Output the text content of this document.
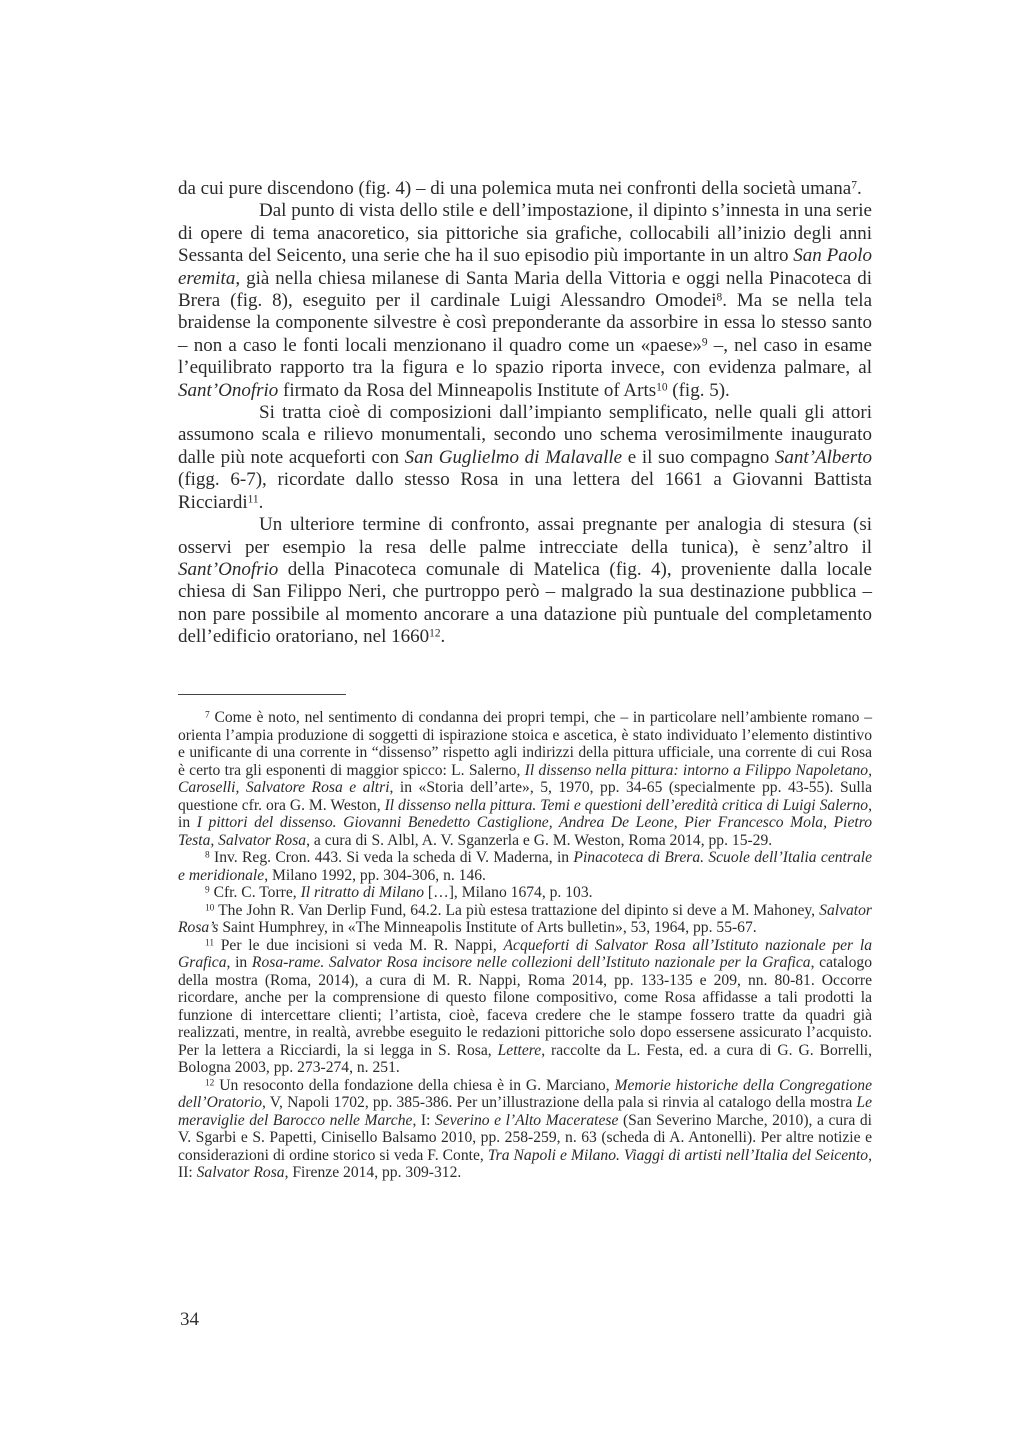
da cui pure discendono (fig. 4) – di una polemica muta nei confronti della società umana$^7$.

Dal punto di vista dello stile e dell’impostazione, il dipinto s’innesta in una serie di opere di tema anacoretico, sia pittoriche sia grafiche, collocabili all’inizio degli anni Sessanta del Seicento, una serie che ha il suo episodio più importante in un altro San Paolo eremita, già nella chiesa milanese di Santa Maria della Vittoria e oggi nella Pinacoteca di Brera (fig. 8), eseguito per il cardinale Luigi Alessandro Omodei$^8$. Ma se nella tela braidense la componente silvestre è così preponderante da assorbire in essa lo stesso santo – non a caso le fonti locali menzionano il quadro come un «paese»$^9$ –, nel caso in esame l’equilibrato rapporto tra la figura e lo spazio riporta invece, con evidenza palmare, al Sant’Onofrio firmato da Rosa del Minneapolis Institute of Arts$^{10}$ (fig. 5).

Si tratta cioè di composizioni dall’impianto semplificato, nelle quali gli attori assumono scala e rilievo monumentali, secondo uno schema verosimilmente inaugurato dalle più note acqueforti con San Guglielmo di Malavalle e il suo compagno Sant’Alberto (figg. 6-7), ricordate dallo stesso Rosa in una lettera del 1661 a Giovanni Battista Ricciardi$^{11}$.

Un ulteriore termine di confronto, assai pregnante per analogia di stesura (si osservi per esempio la resa delle palme intrecciate della tunica), è senz’altro il Sant’Onofrio della Pinacoteca comunale di Matelica (fig. 4), proveniente dalla locale chiesa di San Filippo Neri, che purtroppo però – malgrado la sua destinazione pubblica – non pare possibile al momento ancorare a una datazione più puntuale del completamento dell’edificio oratoriano, nel 1660$^{12}$.

$^7$ Come è noto, nel sentimento di condanna dei propri tempi, che – in particolare nell’ambiente romano – orienta l’ampia produzione di soggetti di ispirazione stoica e ascetica, è stato individuato l’elemento distintivo e unificante di una corrente in “dissenso” rispetto agli indirizzi della pittura ufficiale, una corrente di cui Rosa è certo tra gli esponenti di maggior spicco: L. Salerno, Il dissenso nella pittura: intorno a Filippo Napoletano, Caroselli, Salvatore Rosa e altri, in «Storia dell’arte», 5, 1970, pp. 34-65 (specialmente pp. 43-55). Sulla questione cfr. ora G. M. Weston, Il dissenso nella pittura. Temi e questioni dell’eredità critica di Luigi Salerno, in I pittori del dissenso. Giovanni Benedetto Castiglione, Andrea De Leone, Pier Francesco Mola, Pietro Testa, Salvator Rosa, a cura di S. Albl, A. V. Sganzerla e G. M. Weston, Roma 2014, pp. 15-29.

$^8$ Inv. Reg. Cron. 443. Si veda la scheda di V. Maderna, in Pinacoteca di Brera. Scuole dell’Italia centrale e meridionale, Milano 1992, pp. 304-306, n. 146.

$^9$ Cfr. C. Torre, Il ritratto di Milano […], Milano 1674, p. 103.

$^{10}$ The John R. Van Derlip Fund, 64.2. La più estesa trattazione del dipinto si deve a M. Mahoney, Salvator Rosa’s Saint Humphrey, in «The Minneapolis Institute of Arts bulletin», 53, 1964, pp. 55-67.

$^{11}$ Per le due incisioni si veda M. R. Nappi, Acqueforti di Salvator Rosa all’Istituto nazionale per la Grafica, in Rosa-rame. Salvator Rosa incisore nelle collezioni dell’Istituto nazionale per la Grafica, catalogo della mostra (Roma, 2014), a cura di M. R. Nappi, Roma 2014, pp. 133-135 e 209, nn. 80-81. Occorre ricordare, anche per la comprensione di questo filone compositivo, come Rosa affidasse a tali prodotti la funzione di intercettare clienti; l’artista, cioè, faceva credere che le stampe fossero tratte da quadri già realizzati, mentre, in realtà, avrebbe eseguito le redazioni pittoriche solo dopo essersene assicurato l’acquisto. Per la lettera a Ricciardi, la si legga in S. Rosa, Lettere, raccolte da L. Festa, ed. a cura di G. G. Borrelli, Bologna 2003, pp. 273-274, n. 251.

$^{12}$ Un resoconto della fondazione della chiesa è in G. Marciano, Memorie historiche della Congregatione dell’Oratorio, V, Napoli 1702, pp. 385-386. Per un’illustrazione della pala si rinvia al catalogo della mostra Le meraviglie del Barocco nelle Marche, I: Severino e l’Alto Maceratese (San Severino Marche, 2010), a cura di V. Sgarbi e S. Papetti, Cinisello Balsamo 2010, pp. 258-259, n. 63 (scheda di A. Antonelli). Per altre notizie e considerazioni di ordine storico si veda F. Conte, Tra Napoli e Milano. Viaggi di artisti nell’Italia del Seicento, II: Salvator Rosa, Firenze 2014, pp. 309-312.

34
